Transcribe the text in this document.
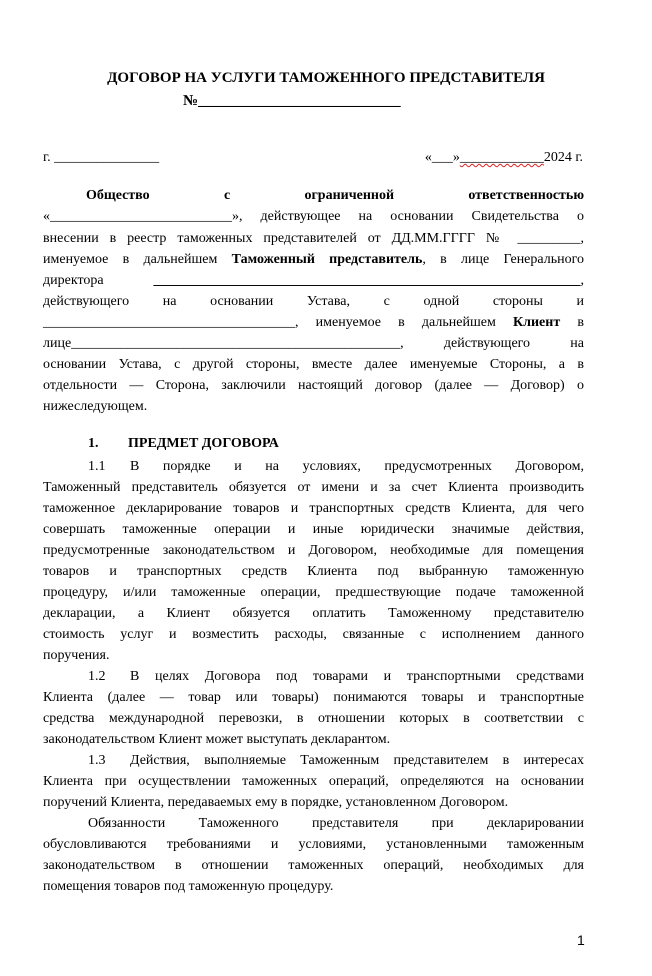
ДОГОВОР НА УСЛУГИ ТАМОЖЕННОГО ПРЕДСТАВИТЕЛЯ
№___________________________
г. _______________	«___»____________2024 г.
Общество	с	ограниченной	ответственностью
«__________________________», действующее на основании Свидетельства о
внесении в реестр таможенных представителей от ДД.ММ.ГГГГ № _________,
именуемое в дальнейшем Таможенный представитель, в лице Генерального
директора _____________________________________________________________,
действующего на основании Устава, с одной стороны и
____________________________________, именуемое в дальнейшем Клиент в
лице_______________________________________________, действующего на
основании Устава, с другой стороны, вместе далее именуемые Стороны, а в
отдельности — Сторона, заключили настоящий договор (далее — Договор) о
нижеследующем.
1. ПРЕДМЕТ ДОГОВОРА
1.1 В порядке и на условиях, предусмотренных Договором,
Таможенный представитель обязуется от имени и за счет Клиента производить
таможенное декларирование товаров и транспортных средств Клиента, для чего
совершать таможенные операции и иные юридически значимые действия,
предусмотренные законодательством и Договором, необходимые для помещения
товаров и транспортных средств Клиента под выбранную таможенную
процедуру, и/или таможенные операции, предшествующие подаче таможенной
декларации, а Клиент обязуется оплатить Таможенному представителю
стоимость услуг и возместить расходы, связанные с исполнением данного
поручения.
1.2 В целях Договора под товарами и транспортными средствами
Клиента (далее — товар или товары) понимаются товары и транспортные
средства международной перевозки, в отношении которых в соответствии с
законодательством Клиент может выступать декларантом.
1.3 Действия, выполняемые Таможенным представителем в интересах
Клиента при осуществлении таможенных операций, определяются на основании
поручений Клиента, передаваемых ему в порядке, установленном Договором.
Обязанности Таможенного представителя при декларировании
обусловливаются требованиями и условиями, установленными таможенным
законодательством в отношении таможенных операций, необходимых для
помещения товаров под таможенную процедуру.
1
